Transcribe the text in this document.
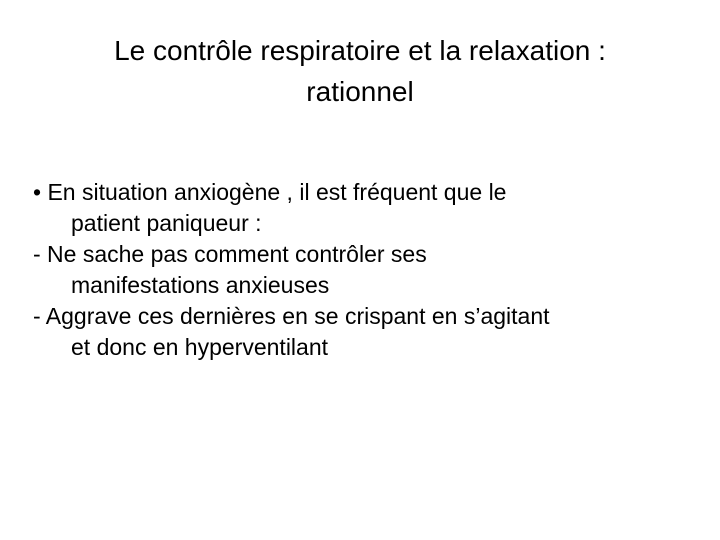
Le contrôle respiratoire et la relaxation :
rationnel
• En situation anxiogène , il est fréquent que le
patient paniqueur :
- Ne sache pas comment contrôler ses
manifestations anxieuses
- Aggrave ces dernières en se crispant en s’agitant
et donc en hyperventilant
